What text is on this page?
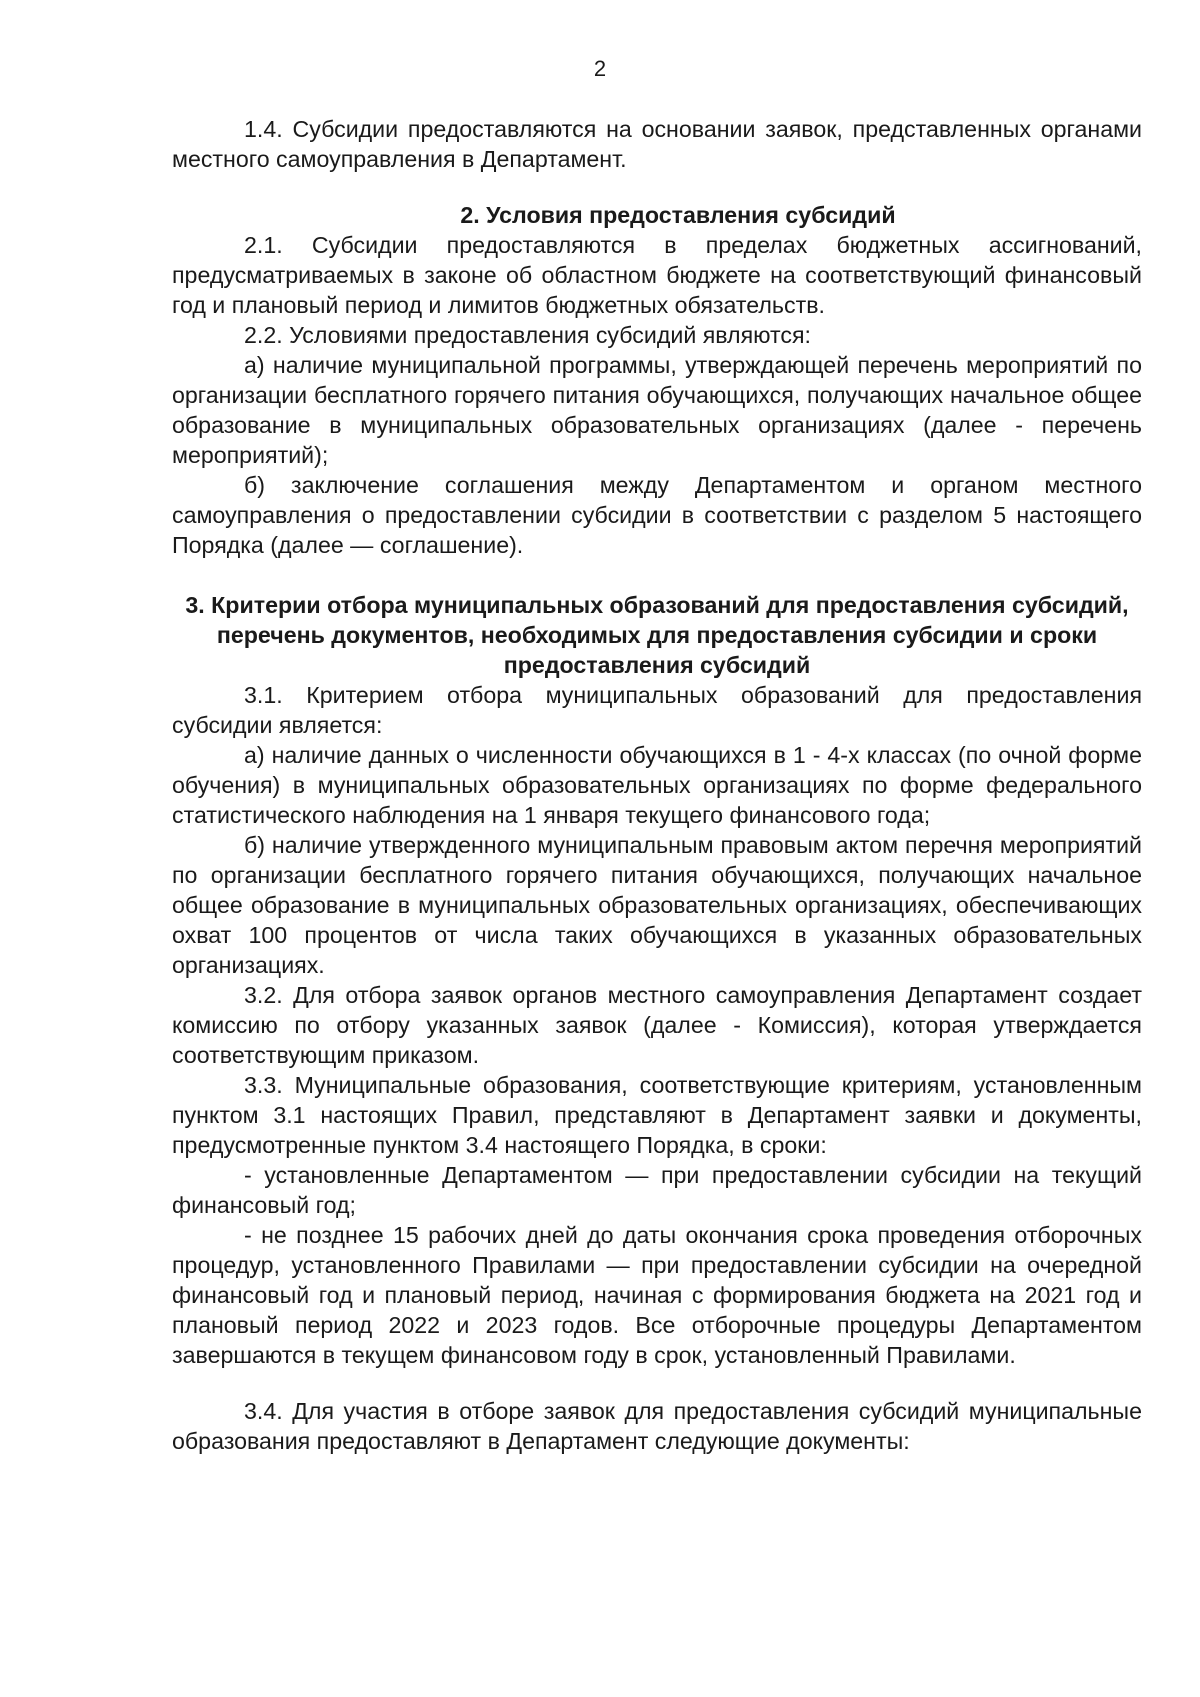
2

1.4. Субсидии предоставляются на основании заявок, представленных органами местного самоуправления в Департамент.

2. Условия предоставления субсидий

2.1. Субсидии предоставляются в пределах бюджетных ассигнований, предусматриваемых в законе об областном бюджете на соответствующий финансовый год и плановый период и лимитов бюджетных обязательств.

2.2. Условиями предоставления субсидий являются:

а) наличие муниципальной программы, утверждающей перечень мероприятий по организации бесплатного горячего питания обучающихся, получающих начальное общее образование в муниципальных образовательных организациях (далее - перечень мероприятий);

б) заключение соглашения между Департаментом и органом местного самоуправления о предоставлении субсидии в соответствии с разделом 5 настоящего Порядка (далее — соглашение).

3. Критерии отбора муниципальных образований для предоставления субсидий, перечень документов, необходимых для предоставления субсидии и сроки предоставления субсидий

3.1. Критерием отбора муниципальных образований для предоставления субсидии является:

а) наличие данных о численности обучающихся в 1 - 4-х классах (по очной форме обучения) в муниципальных образовательных организациях по форме федерального статистического наблюдения на 1 января текущего финансового года;

б) наличие утвержденного муниципальным правовым актом перечня мероприятий по организации бесплатного горячего питания обучающихся, получающих начальное общее образование в муниципальных образовательных организациях, обеспечивающих охват 100 процентов от числа таких обучающихся в указанных образовательных организациях.

3.2. Для отбора заявок органов местного самоуправления Департамент создает комиссию по отбору указанных заявок (далее - Комиссия), которая утверждается соответствующим приказом.

3.3. Муниципальные образования, соответствующие критериям, установленным пунктом 3.1 настоящих Правил, представляют в Департамент заявки и документы, предусмотренные пунктом 3.4 настоящего Порядка, в сроки:

- установленные Департаментом — при предоставлении субсидии на текущий финансовый год;

- не позднее 15 рабочих дней до даты окончания срока проведения отборочных процедур, установленного Правилами — при предоставлении субсидии на очередной финансовый год и плановый период, начиная с формирования бюджета на 2021 год и плановый период 2022 и 2023 годов. Все отборочные процедуры Департаментом завершаются в текущем финансовом году в срок, установленный Правилами.

3.4. Для участия в отборе заявок для предоставления субсидий муниципальные образования предоставляют в Департамент следующие документы:
